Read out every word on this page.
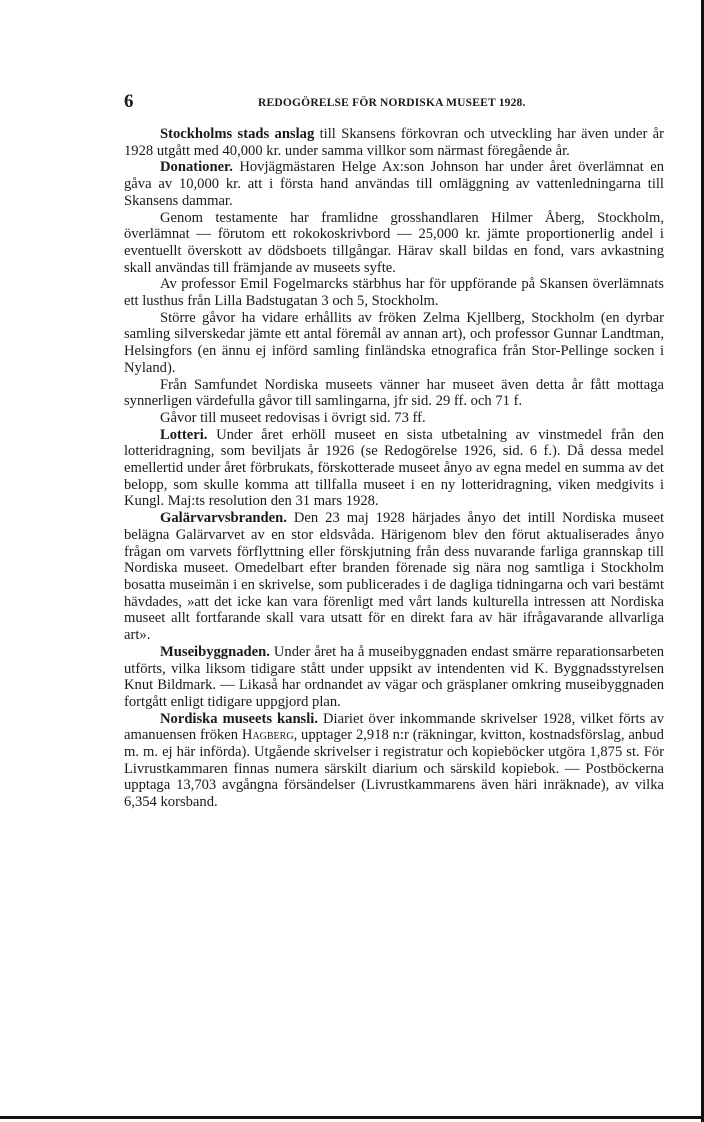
6	REDOGÖRELSE FÖR NORDISKA MUSEET 1928.

Stockholms stads anslag till Skansens förkovran och utveckling har även under år 1928 utgått med 40,000 kr. under samma villkor som närmast föregående år.

Donationer. Hovjägmästaren Helge Ax:son Johnson har under året överlämnat en gåva av 10,000 kr. att i första hand användas till omläggning av vattenledningarna till Skansens dammar.

Genom testamente har framlidne grosshandlaren Hilmer Åberg, Stockholm, överlämnat — förutom ett rokokoskrivbord — 25,000 kr. jämte proportionerlig andel i eventuellt överskott av dödsboets tillgångar. Härav skall bildas en fond, vars avkastning skall användas till främjande av museets syfte.

Av professor Emil Fogelmarcks stärbhus har för uppförande på Skansen överlämnats ett lusthus från Lilla Badstugatan 3 och 5, Stockholm.

Större gåvor ha vidare erhållits av fröken Zelma Kjellberg, Stockholm (en dyrbar samling silverskedar jämte ett antal föremål av annan art), och professor Gunnar Landtman, Helsingfors (en ännu ej införd samling finländska etnografica från Stor-Pellinge socken i Nyland).

Från Samfundet Nordiska museets vänner har museet även detta år fått mottaga synnerligen värdefulla gåvor till samlingarna, jfr sid. 29 ff. och 71 f.

Gåvor till museet redovisas i övrigt sid. 73 ff.

Lotteri. Under året erhöll museet en sista utbetalning av vinstmedel från den lotteridragning, som beviljats år 1926 (se Redogörelse 1926, sid. 6 f.). Då dessa medel emellertid under året förbrukats, förskotterade museet ånyo av egna medel en summa av det belopp, som skulle komma att tillfalla museet i en ny lotteridragning, viken medgivits i Kungl. Maj:ts resolution den 31 mars 1928.

Galärvarvsbranden. Den 23 maj 1928 härjades ånyo det intill Nordiska museet belägna Galärvarvet av en stor eldsvåda. Härigenom blev den förut aktualiserades ånyo frågan om varvets förflyttning eller förskjutning från dess nuvarande farliga grannskap till Nordiska museet. Omedelbart efter branden förenade sig nära nog samtliga i Stockholm bosatta museimän i en skrivelse, som publicerades i de dagliga tidningarna och vari bestämt hävdades, »att det icke kan vara förenligt med vårt lands kulturella intressen att Nordiska museet allt fortfarande skall vara utsatt för en direkt fara av här ifrågavarande allvarliga art».

Museibyggnaden. Under året ha å museibyggnaden endast smärre reparationsarbeten utförts, vilka liksom tidigare stått under uppsikt av intendenten vid K. Byggnadsstyrelsen Knut Bildmark. — Likaså har ordnandet av vägar och gräsplaner omkring museibyggnaden fortgått enligt tidigare uppgjord plan.

Nordiska museets kansli. Diariet över inkommande skrivelser 1928, vilket förts av amanuensen fröken Hagberg, upptager 2,918 n:r (räkningar, kvitton, kostnadsförslag, anbud m. m. ej här införda). Utgående skrivelser i registratur och kopieböcker utgöra 1,875 st. För Livrustkammaren finnas numera särskilt diarium och särskild kopiebok. — Postböckerna upptaga 13,703 avgångna försändelser (Livrustkammarens även häri inräknade), av vilka 6,354 korsband.
